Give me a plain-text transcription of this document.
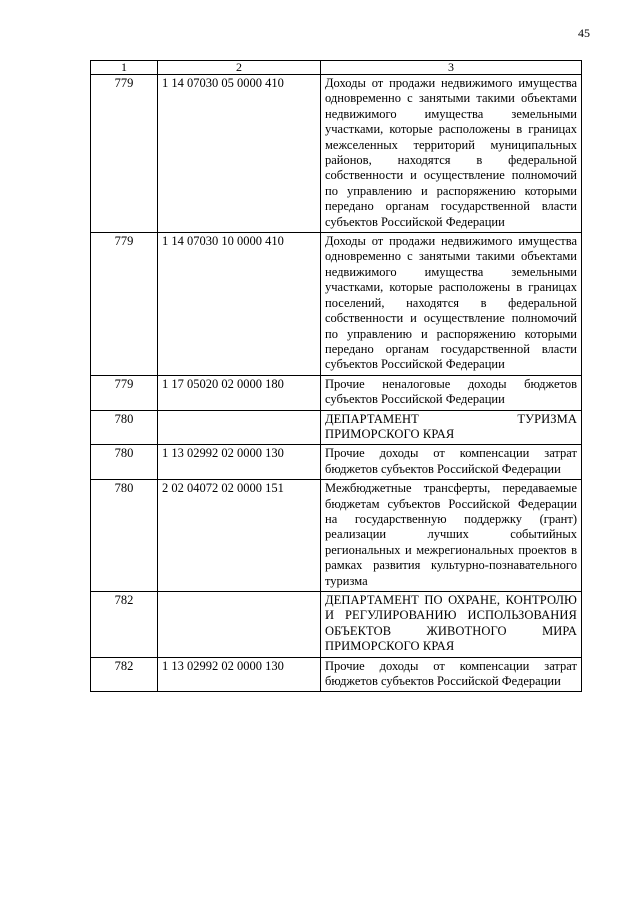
45
1	2	3
779	1 14 07030 05 0000 410	Доходы от продажи недвижимого имущества одновременно с занятыми такими объектами недвижимого имущества земельными участками, которые расположены в границах межселенных территорий муниципальных районов, находятся в федеральной собственности и осуществление полномочий по управлению и распоряжению которыми передано органам государственной власти субъектов Российской Федерации
779	1 14 07030 10 0000 410	Доходы от продажи недвижимого имущества одновременно с занятыми такими объектами недвижимого имущества земельными участками, которые расположены в границах поселений, находятся в федеральной собственности и осуществление полномочий по управлению и распоряжению которыми передано органам государственной власти субъектов Российской Федерации
779	1 17 05020 02 0000 180	Прочие неналоговые доходы бюджетов субъектов Российской Федерации
780		ДЕПАРТАМЕНТ ТУРИЗМА ПРИМОРСКОГО КРАЯ
780	1 13 02992 02 0000 130	Прочие доходы от компенсации затрат бюджетов субъектов Российской Федерации
780	2 02 04072 02 0000 151	Межбюджетные трансферты, передаваемые бюджетам субъектов Российской Федерации на государственную поддержку (грант) реализации лучших событийных региональных и межрегиональных проектов в рамках развития культурно-познавательного туризма
782		ДЕПАРТАМЕНТ ПО ОХРАНЕ, КОНТРОЛЮ И РЕГУЛИРОВАНИЮ ИСПОЛЬЗОВАНИЯ ОБЪЕКТОВ ЖИВОТНОГО МИРА ПРИМОРСКОГО КРАЯ
782	1 13 02992 02 0000 130	Прочие доходы от компенсации затрат бюджетов субъектов Российской Федерации
